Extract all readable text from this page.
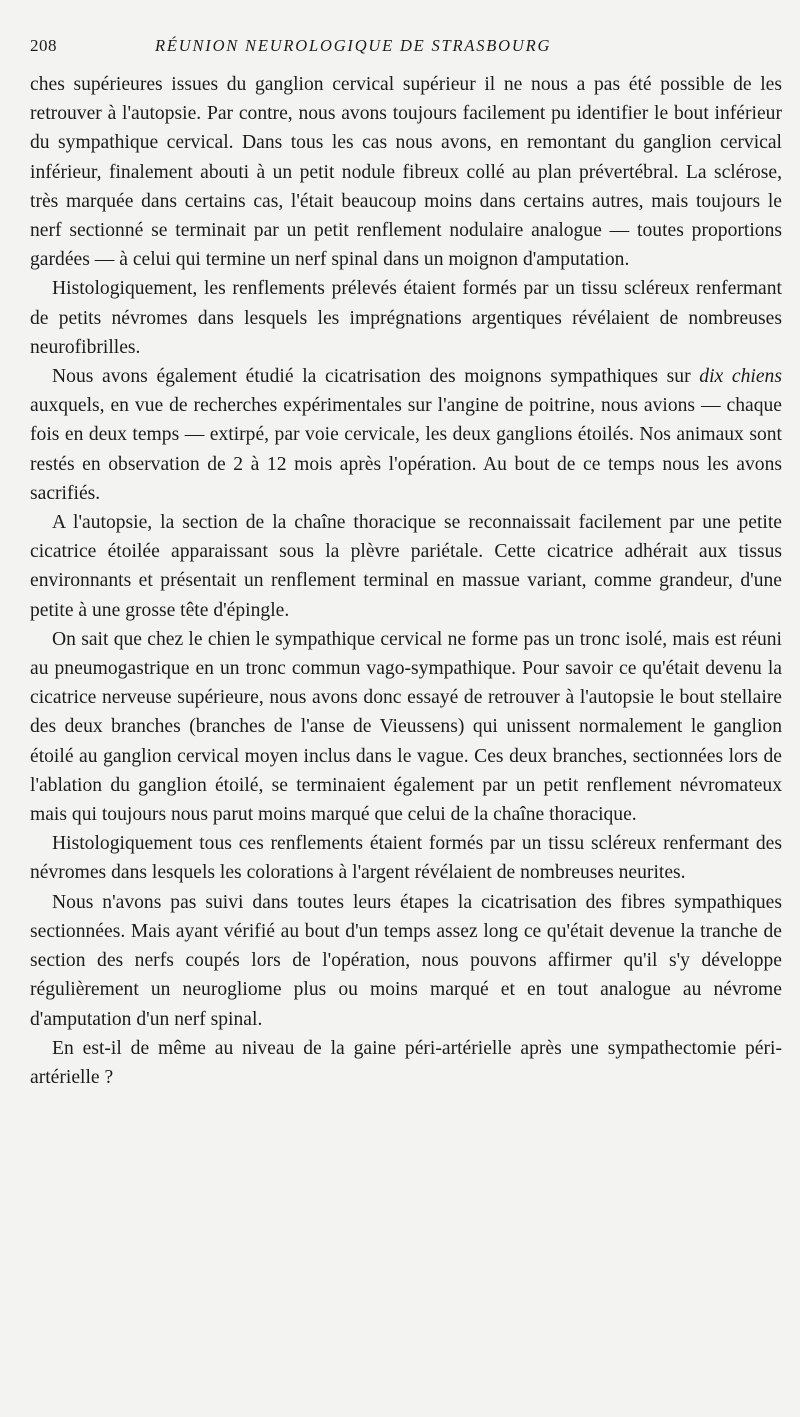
208	RÉUNION NEUROLOGIQUE DE STRASBOURG

ches supérieures issues du ganglion cervical supérieur il ne nous a pas été possible de les retrouver à l'autopsie. Par contre, nous avons toujours facilement pu identifier le bout inférieur du sympathique cervical. Dans tous les cas nous avons, en remontant du ganglion cervical inférieur, finalement abouti à un petit nodule fibreux collé au plan prévertébral. La sclérose, très marquée dans certains cas, l'était beaucoup moins dans certains autres, mais toujours le nerf sectionné se terminait par un petit renflement nodulaire analogue — toutes proportions gardées — à celui qui termine un nerf spinal dans un moignon d'amputation.

Histologiquement, les renflements prélevés étaient formés par un tissu scléreux renfermant de petits névromes dans lesquels les imprégnations argentiques révélaient de nombreuses neurofibrilles.

Nous avons également étudié la cicatrisation des moignons sympathiques sur dix chiens auxquels, en vue de recherches expérimentales sur l'angine de poitrine, nous avions — chaque fois en deux temps — extirpé, par voie cervicale, les deux ganglions étoilés. Nos animaux sont restés en observation de 2 à 12 mois après l'opération. Au bout de ce temps nous les avons sacrifiés.

A l'autopsie, la section de la chaîne thoracique se reconnaissait facilement par une petite cicatrice étoilée apparaissant sous la plèvre pariétale. Cette cicatrice adhérait aux tissus environnants et présentait un renflement terminal en massue variant, comme grandeur, d'une petite à une grosse tête d'épingle.

On sait que chez le chien le sympathique cervical ne forme pas un tronc isolé, mais est réuni au pneumogastrique en un tronc commun vago-sympathique. Pour savoir ce qu'était devenu la cicatrice nerveuse supérieure, nous avons donc essayé de retrouver à l'autopsie le bout stellaire des deux branches (branches de l'anse de Vieussens) qui unissent normalement le ganglion étoilé au ganglion cervical moyen inclus dans le vague. Ces deux branches, sectionnées lors de l'ablation du ganglion étoilé, se terminaient également par un petit renflement névromateux mais qui toujours nous parut moins marqué que celui de la chaîne thoracique.

Histologiquement tous ces renflements étaient formés par un tissu scléreux renfermant des névromes dans lesquels les colorations à l'argent révélaient de nombreuses neurites.

Nous n'avons pas suivi dans toutes leurs étapes la cicatrisation des fibres sympathiques sectionnées. Mais ayant vérifié au bout d'un temps assez long ce qu'était devenue la tranche de section des nerfs coupés lors de l'opération, nous pouvons affirmer qu'il s'y développe régulièrement un neurogliome plus ou moins marqué et en tout analogue au névrome d'amputation d'un nerf spinal.

En est-il de même au niveau de la gaine péri-artérielle après une sympathectomie péri-artérielle ?
